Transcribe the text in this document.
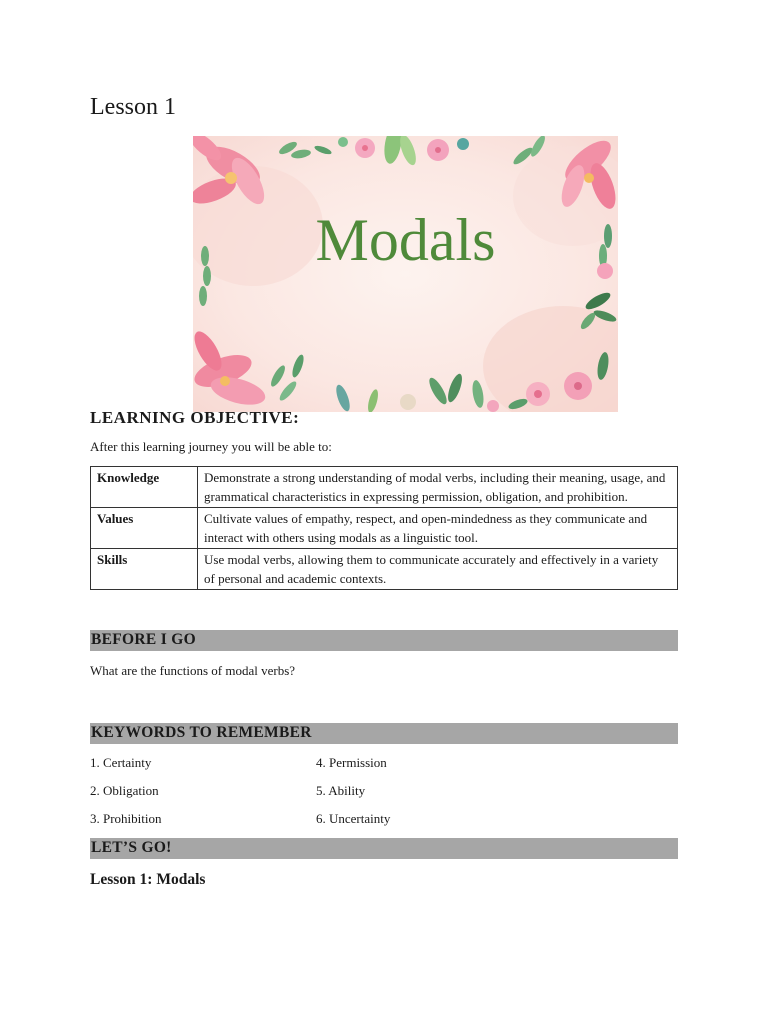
Lesson 1
Modals
LEARNING OBJECTIVE:
After this learning journey you will be able to:
Knowledge	Demonstrate a strong understanding of modal verbs, including their meaning, usage, and grammatical characteristics in expressing permission, obligation, and prohibition.
Values	Cultivate values of empathy, respect, and open-mindedness as they communicate and interact with others using modals as a linguistic tool.
Skills	Use modal verbs, allowing them to communicate accurately and effectively in a variety of personal and academic contexts.
BEFORE I GO
What are the functions of modal verbs?
KEYWORDS TO REMEMBER
1. Certainty
2. Obligation
3. Prohibition
4. Permission
5. Ability
6. Uncertainty
LET’S GO!
Lesson 1: Modals
